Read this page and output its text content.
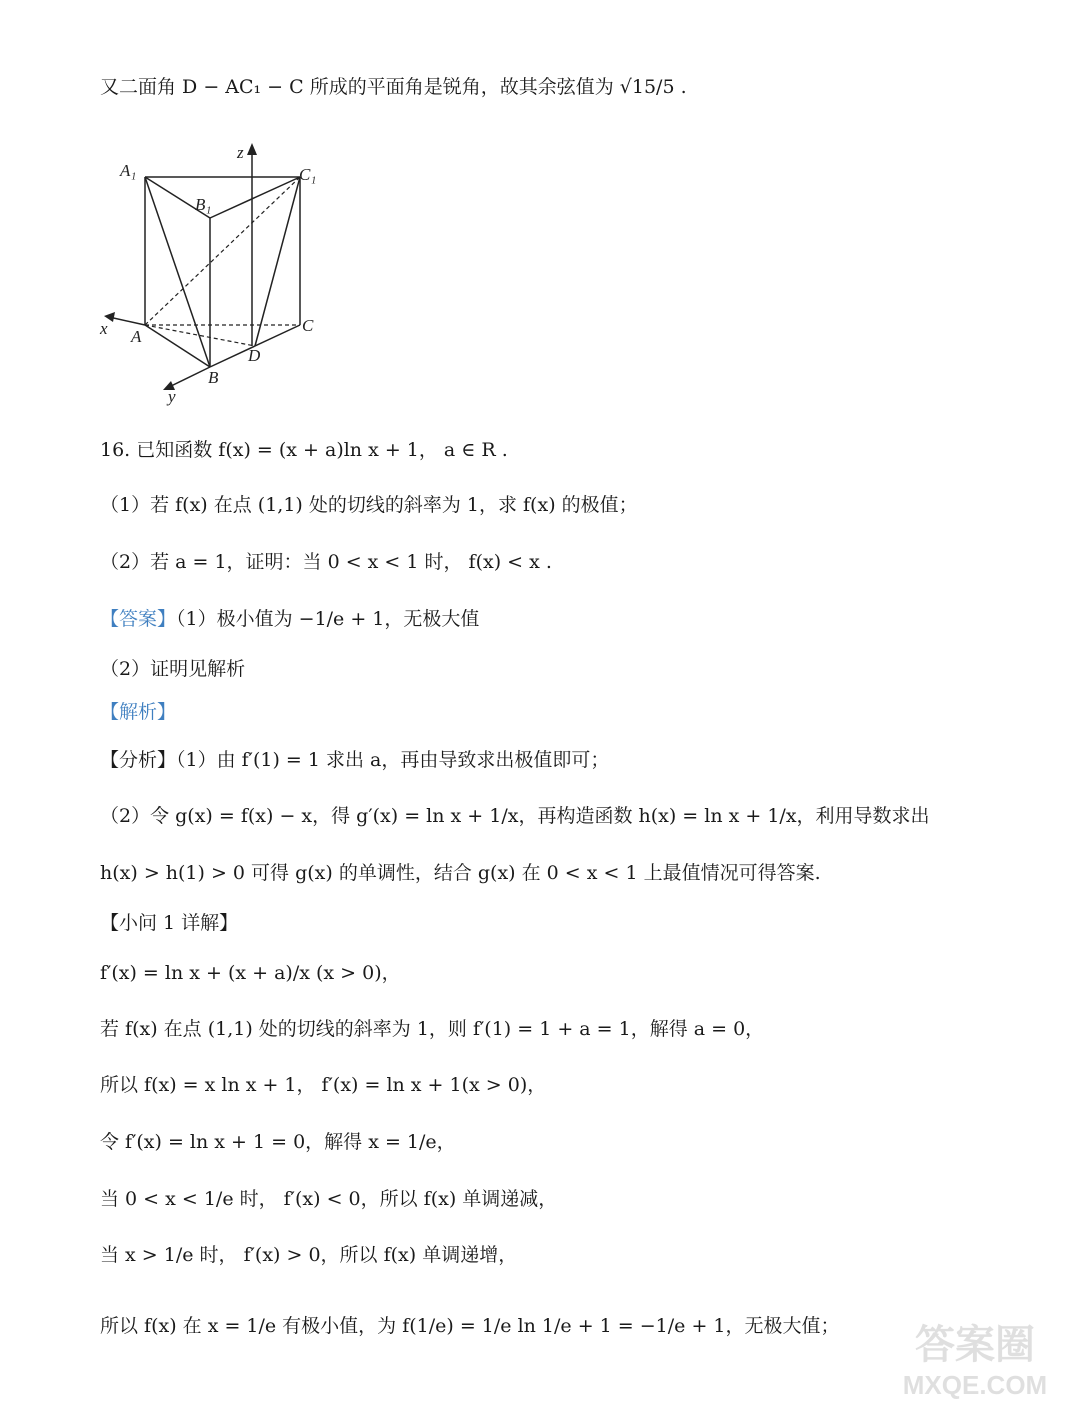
又二面角 D − AC₁ − C 所成的平面角是锐角，故其余弦值为 √15/5 .
A₁
B₁
C₁
A
B
C
D
x
y
z
16. 已知函数 f(x) = (x + a)ln x + 1， a ∈ R .
（1）若 f(x) 在点 (1,1) 处的切线的斜率为 1，求 f(x) 的极值；
（2）若 a = 1，证明：当 0 < x < 1 时， f(x) < x .
【答案】（1）极小值为 −1/e + 1，无极大值
（2）证明见解析
【解析】
【分析】（1）由 f′(1) = 1 求出 a，再由导致求出极值即可；
（2）令 g(x) = f(x) − x，得 g′(x) = ln x + 1/x，再构造函数 h(x) = ln x + 1/x，利用导数求出
h(x) > h(1) > 0 可得 g(x) 的单调性，结合 g(x) 在 0 < x < 1 上最值情况可得答案.
【小问 1 详解】
f′(x) = ln x + (x + a)/x (x > 0)，
若 f(x) 在点 (1,1) 处的切线的斜率为 1，则 f′(1) = 1 + a = 1，解得 a = 0，
所以 f(x) = x ln x + 1， f′(x) = ln x + 1(x > 0)，
令 f′(x) = ln x + 1 = 0，解得 x = 1/e，
当 0 < x < 1/e 时， f′(x) < 0，所以 f(x) 单调递减，
当 x > 1/e 时， f′(x) > 0，所以 f(x) 单调递增，
所以 f(x) 在 x = 1/e 有极小值，为 f(1/e) = 1/e ln 1/e + 1 = −1/e + 1，无极大值；	答案圈
MXQE.COM
